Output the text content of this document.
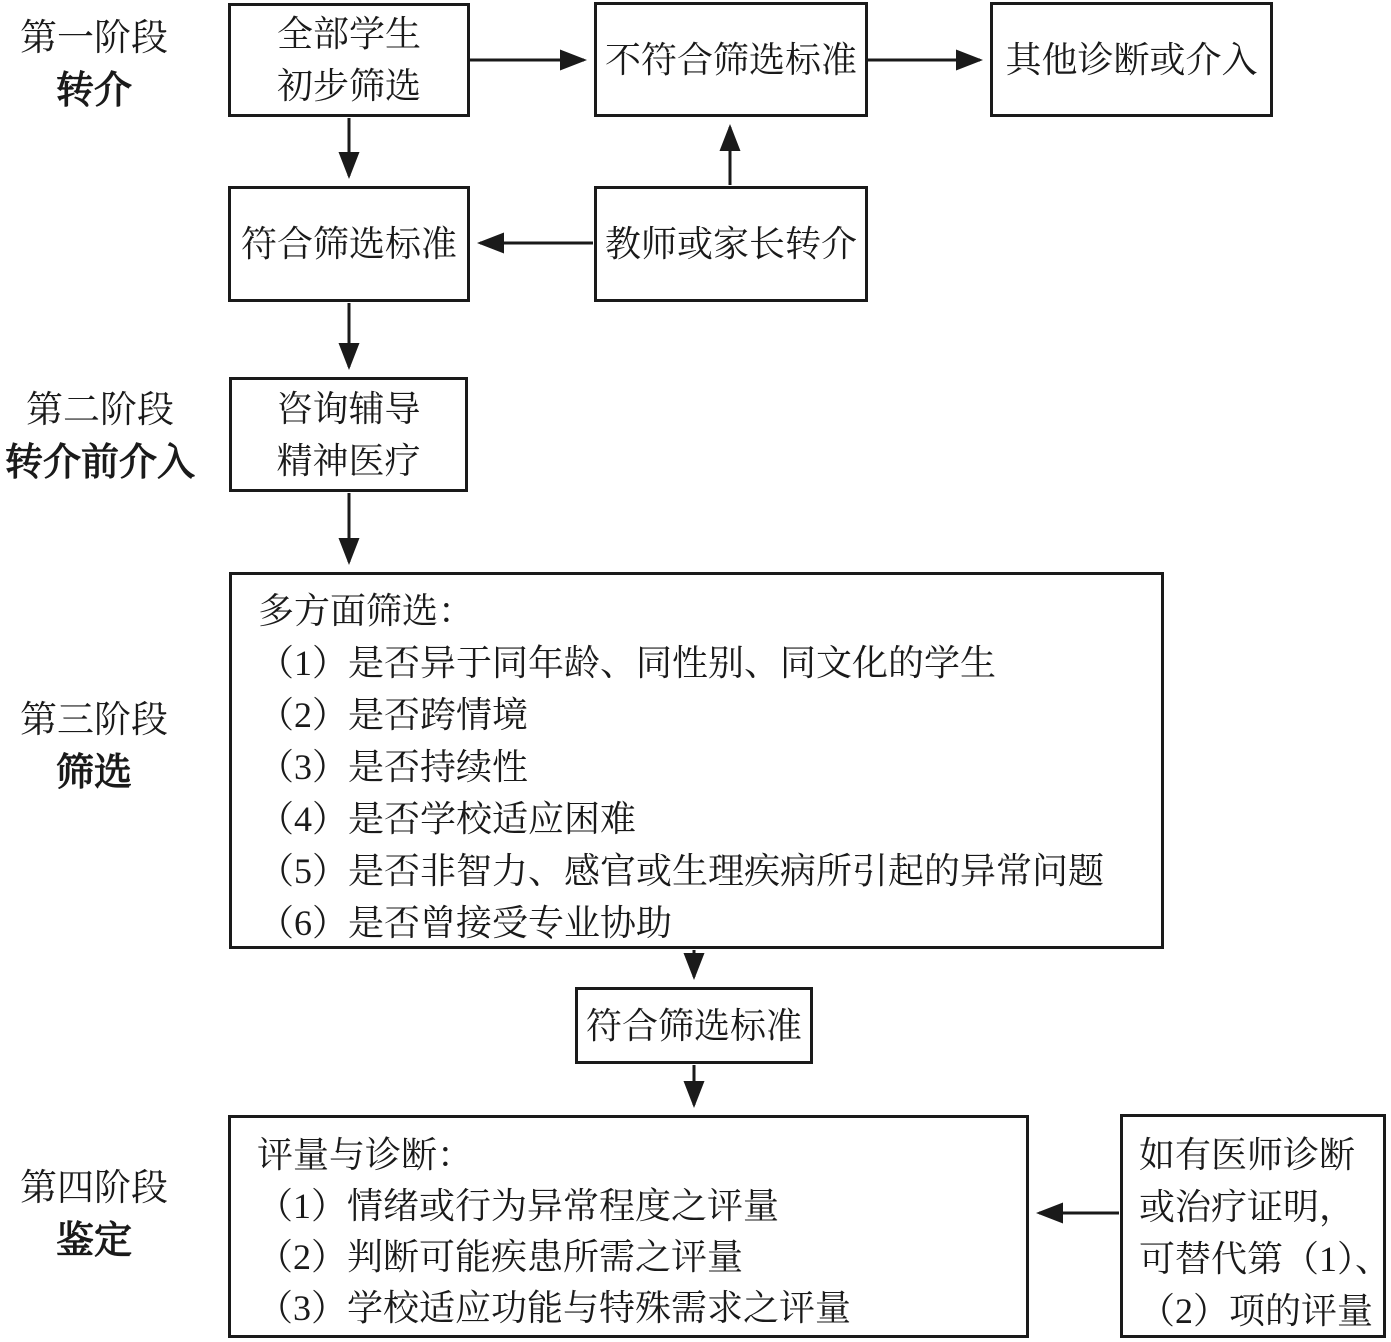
第一阶段
转介
第二阶段
转介前介入
第三阶段
筛选
第四阶段
鉴定
全部学生
初步筛选
不符合筛选标准	其他诊断或介入
符合筛选标准	教师或家长转介
咨询辅导
精神医疗
多方面筛选：
（1）是否异于同年龄、同性别、同文化的学生
（2）是否跨情境
（3）是否持续性
（4）是否学校适应困难
（5）是否非智力、感官或生理疾病所引起的异常问题
（6）是否曾接受专业协助
符合筛选标准
评量与诊断：
（1）情绪或行为异常程度之评量
（2）判断可能疾患所需之评量
（3）学校适应功能与特殊需求之评量
如有医师诊断
或治疗证明，
可替代第（1）、
（2）项的评量
